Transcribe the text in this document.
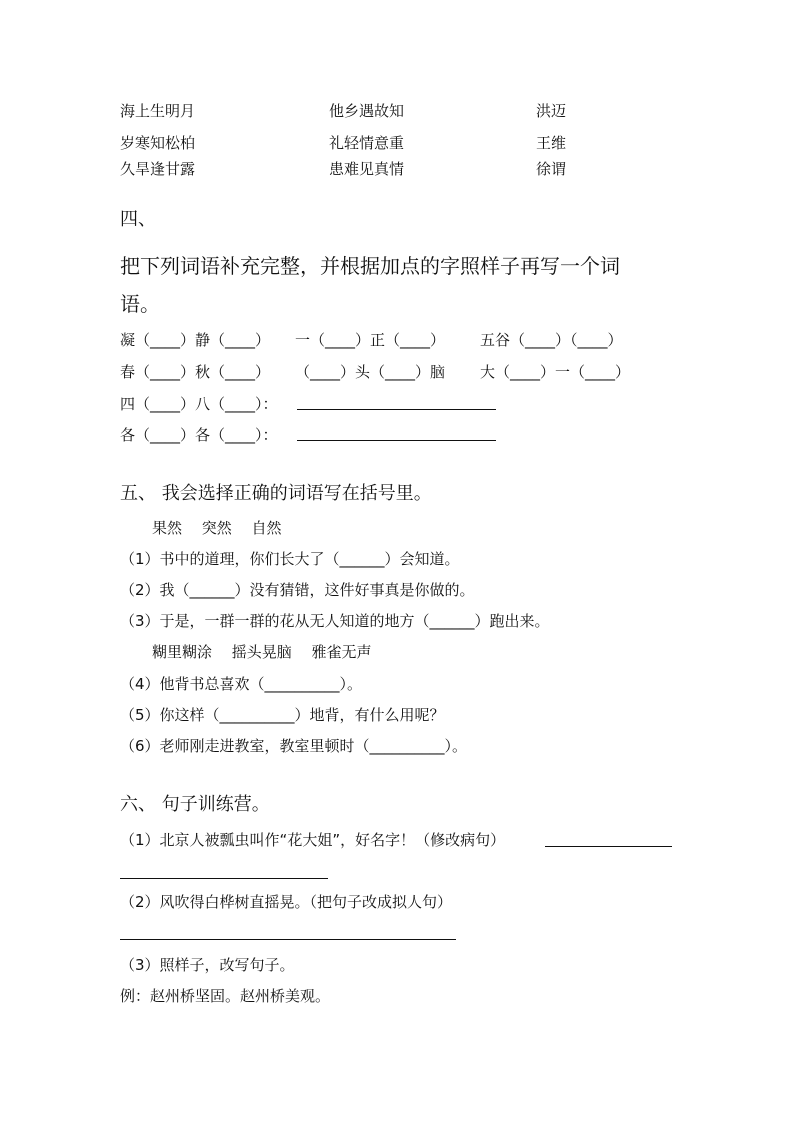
海上生明月
岁寒知松柏
久旱逢甘露
他乡遇故知
礼轻情意重
患难见真情
洪迈
王维
徐谓
四、
把下列词语补充完整，并根据加点的字照样子再写一个词
语。
凝（____）静（____） 一（____）正（____） 五谷（____）（____）
春（____）秋（____） （____）头（____）脑 大（____）一（____）
四（____）八（____）：
各（____）各（____）：
五、 我会选择正确的词语写在括号里。
果然　 突然　 自然
（1）书中的道理，你们长大了（______）会知道。
（2）我（______）没有猜错，这件好事真是你做的。
（3）于是，一群一群的花从无人知道的地方（______）跑出来。
糊里糊涂　 摇头晃脑　 雅雀无声
（4）他背书总喜欢（__________）。
（5）你这样（__________）地背，有什么用呢？
（6）老师刚走进教室，教室里顿时（__________）。
六、 句子训练营。
（1）北京人被瓢虫叫作“花大姐”，好名字！（修改病句）
（2）风吹得白桦树直摇晃。（把句子改成拟人句）
（3）照样子，改写句子。
例：赵州桥坚固。赵州桥美观。
